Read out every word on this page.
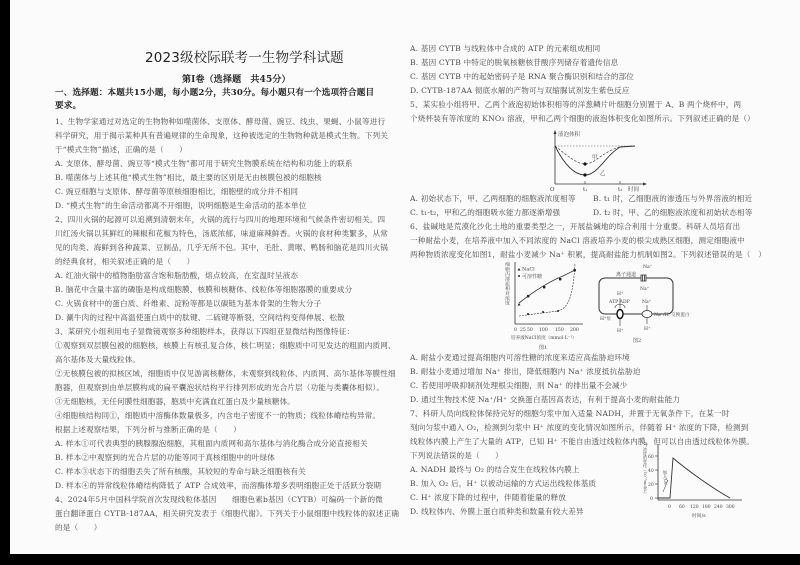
2023级校际联考一生物学科试题
第Ⅰ卷（选择题　共45分）
一、选择题：本题共15小题，每小题2分，共30分。每小题只有一个选项符合题目
要求。
1、生物学家通过对选定的生物物种如噬菌体、支原体、酵母菌、豌豆、线虫、果蝇、小鼠等进行
科学研究，用于揭示某种具有普遍规律的生命现象，这种被选定的生物物种就是模式生物。下列关
于“模式生物”描述，正确的是（　　）
A. 支原体、酵母菌、豌豆等“模式生物”都可用于研究生物膜系统在结构和功能上的联系
B. 噬菌体与上述其他“模式生物”相比，最主要的区别是无由核膜包被的细胞核
C. 豌豆细胞与支原体、酵母菌等原核细胞相比，细胞壁的成分并不相同
D. “模式生物”的生命活动都离不开细胞，说明细胞是生命活动的基本单位
2、四川火锅的起源可以追溯到清朝末年，火锅的流行与四川的地理环境和气候条件密切相关。四
川红汤火锅以其鲜红的辣椒和花椒为特色，汤底浓郁，味道麻辣鲜香。火锅的食材种类繁多，从常
见的肉类、海鲜到各种蔬菜、豆制品，几乎无所不包。其中，毛肚、黄喉、鸭肠和脑花是四川火锅
的经典食材，相关叙述正确的是（　　）
A. 红油火锅中的植物脂肪富含饱和脂肪酸，熔点较高，在室温时呈液态
B. 脑花中含量丰富的磷脂是构成细胞膜、核膜和核糖体、线粒体等细胞器膜的重要成分
C. 火锅食材中的蛋白质、纤维素、淀粉等都是以碳链为基本骨架的生物大分子
D. 涮牛肉的过程中高温使蛋白质中的肽键、二硫键等断裂，空间结构变得伸展、松散
3、某研究小组利用电子显微镜观察多种细胞样本，获得以下四组亚显微结构图像特征：
①观察到双层膜包被的细胞核，核膜上有核孔复合体，核仁明显；细胞质中可见发达的粗面内质网、
高尔基体及大量线粒体。
②无核膜包被的拟核区域，细胞质中仅见游离核糖体，未观察到线粒体、内质网、高尔基体等膜性细
胞器，但观察到由单层膜构成的扁平囊泡状结构平行排列形成的光合片层（功能与类囊体相似）。
③无细胞核，无任何膜性细胞器，胞质中充满血红蛋白及少量核糖体。
④细胞核结构同①，细胞质中溶酶体数量极多，内含电子密度不一的物质；线粒体嵴结构异常。
根据上述观察结果，下列分析与推断正确的是（　　）
A. 样本①可代表典型的胰腺腺泡细胞，其粗面内质网和高尔基体与消化酶合成分泌直接相关
B. 样本②中观察到的光合片层的功能等同于真核细胞中的叶绿体
C. 样本③状态下的细胞丢失了所有核酸，其较短的寿命与缺乏细胞核有关
D. 样本④的异常线粒体嵴结构降低了 ATP 合成效率，而溶酶体增多表明细胞正处于活跃分裂期
4、2024年5月中国科学院首次发现线粒体基因　　细胞色素b基因（CYTB）可编码一个新的微
蛋白翻译蛋白 CYTB-187AA，相关研究发表于《细胞代谢》。下列关于小鼠细胞中线粒体的叙述正确
的是（　　）
A. 基因 CYTB 与线粒体中合成的 ATP 的元素组成相同
B. 基因 CYTB 中特定的脱氧核糖核苷酸序列储存着遗传信息
C. 基因 CYTB 中的起始密码子是 RNA 聚合酶识别和结合的部位
D. CYTB-187AA 彻底水解的产物可与双缩脲试剂发生紫色反应
5、某实验小组将甲、乙两个液泡初始体积相等的洋葱鳞片叶细胞分别置于 A、B 两个烧杯中，两
个烧杯装有等浓度的 KNO₃ 溶液，甲和乙两个细胞的液泡体积变化如图所示。下列叙述正确的是（）
液泡体积
甲
乙
O	t₁	t₂ 时间
A. 初始状态下，甲、乙两细胞的细胞液浓度相等 B. t₁ 时，乙细胞液的渗透压与外界溶液的相近
C. t₁-t₂，甲和乙的细胞吸水能力都逐渐增强	D. t₂ 时，甲、乙的细胞液浓度和初始状态相等
6、盐碱地是荒漠化沙化土地的重要类型之一，开展盐碱地的综合利用十分重要。科研人员培育出
一种耐盐小麦，在培养液中加入不同浓度的 NaCl 溶液培养小麦的根尖成熟区细胞，测定细胞液中
两种物质浓度变化如图1，耐盐小麦减少 Na⁺ 积累，提高耐盐能力机制如图2。下列叙述错误的是（　）
NaCl
可溶性糖
0 25 50 100 150 200
培养液NaCl浓度（mmol·L⁻¹）
图1
细胞内溶质相对浓度	Na⁺
离子通道
Na⁺
H⁺
ATP ADP	Na⁺
H⁺泵
Na⁺/H⁺交换蛋白
H⁺	H⁺
图2
A. 耐盐小麦通过提高细胞内可溶性糖的浓度来适应高盐胁迫环境
B. 耐盐小麦通过增加 Na⁺ 排出，降低细胞内 Na⁺ 浓度抵抗盐胁迫
C. 若使用呼吸抑制剂处理根尖细胞，则 Na⁺ 的排出量不会减少
D. 通过生物技术使 Na⁺/H⁺ 交换蛋白基因高表达，有利于提高小麦的耐盐能力
7、科研人员向线粒体保持完好的细胞匀浆中加入适量 NADH，并置于无氧条件下，在某一时
刻向匀浆中通入 O₂，检测到匀浆中 H⁺ 浓度的变化情况如图所示，伴随着 H⁺ 浓度的下降，检测到
线粒体内膜上产生了大量的 ATP，已知 H⁺ 不能自由透过线粒体内膜，但可以自由透过线粒体外膜。
下列说法错误的是（　　）
A. NADH 最终与 O₂ 的结合发生在线粒体内膜上
B. 加入 O₂ 后，H⁺ 以被动运输的方式运出线粒体基质
C. H⁺ 浓度下降的过程中，伴随着能量的释放
D. 线粒体内、外膜上蛋白质种类和数量有较大差异
0
20
40
60
0 60 120 180 240 300
时间/s
H⁺浓度的变化（10⁻⁹mol/L）	加入O₂
